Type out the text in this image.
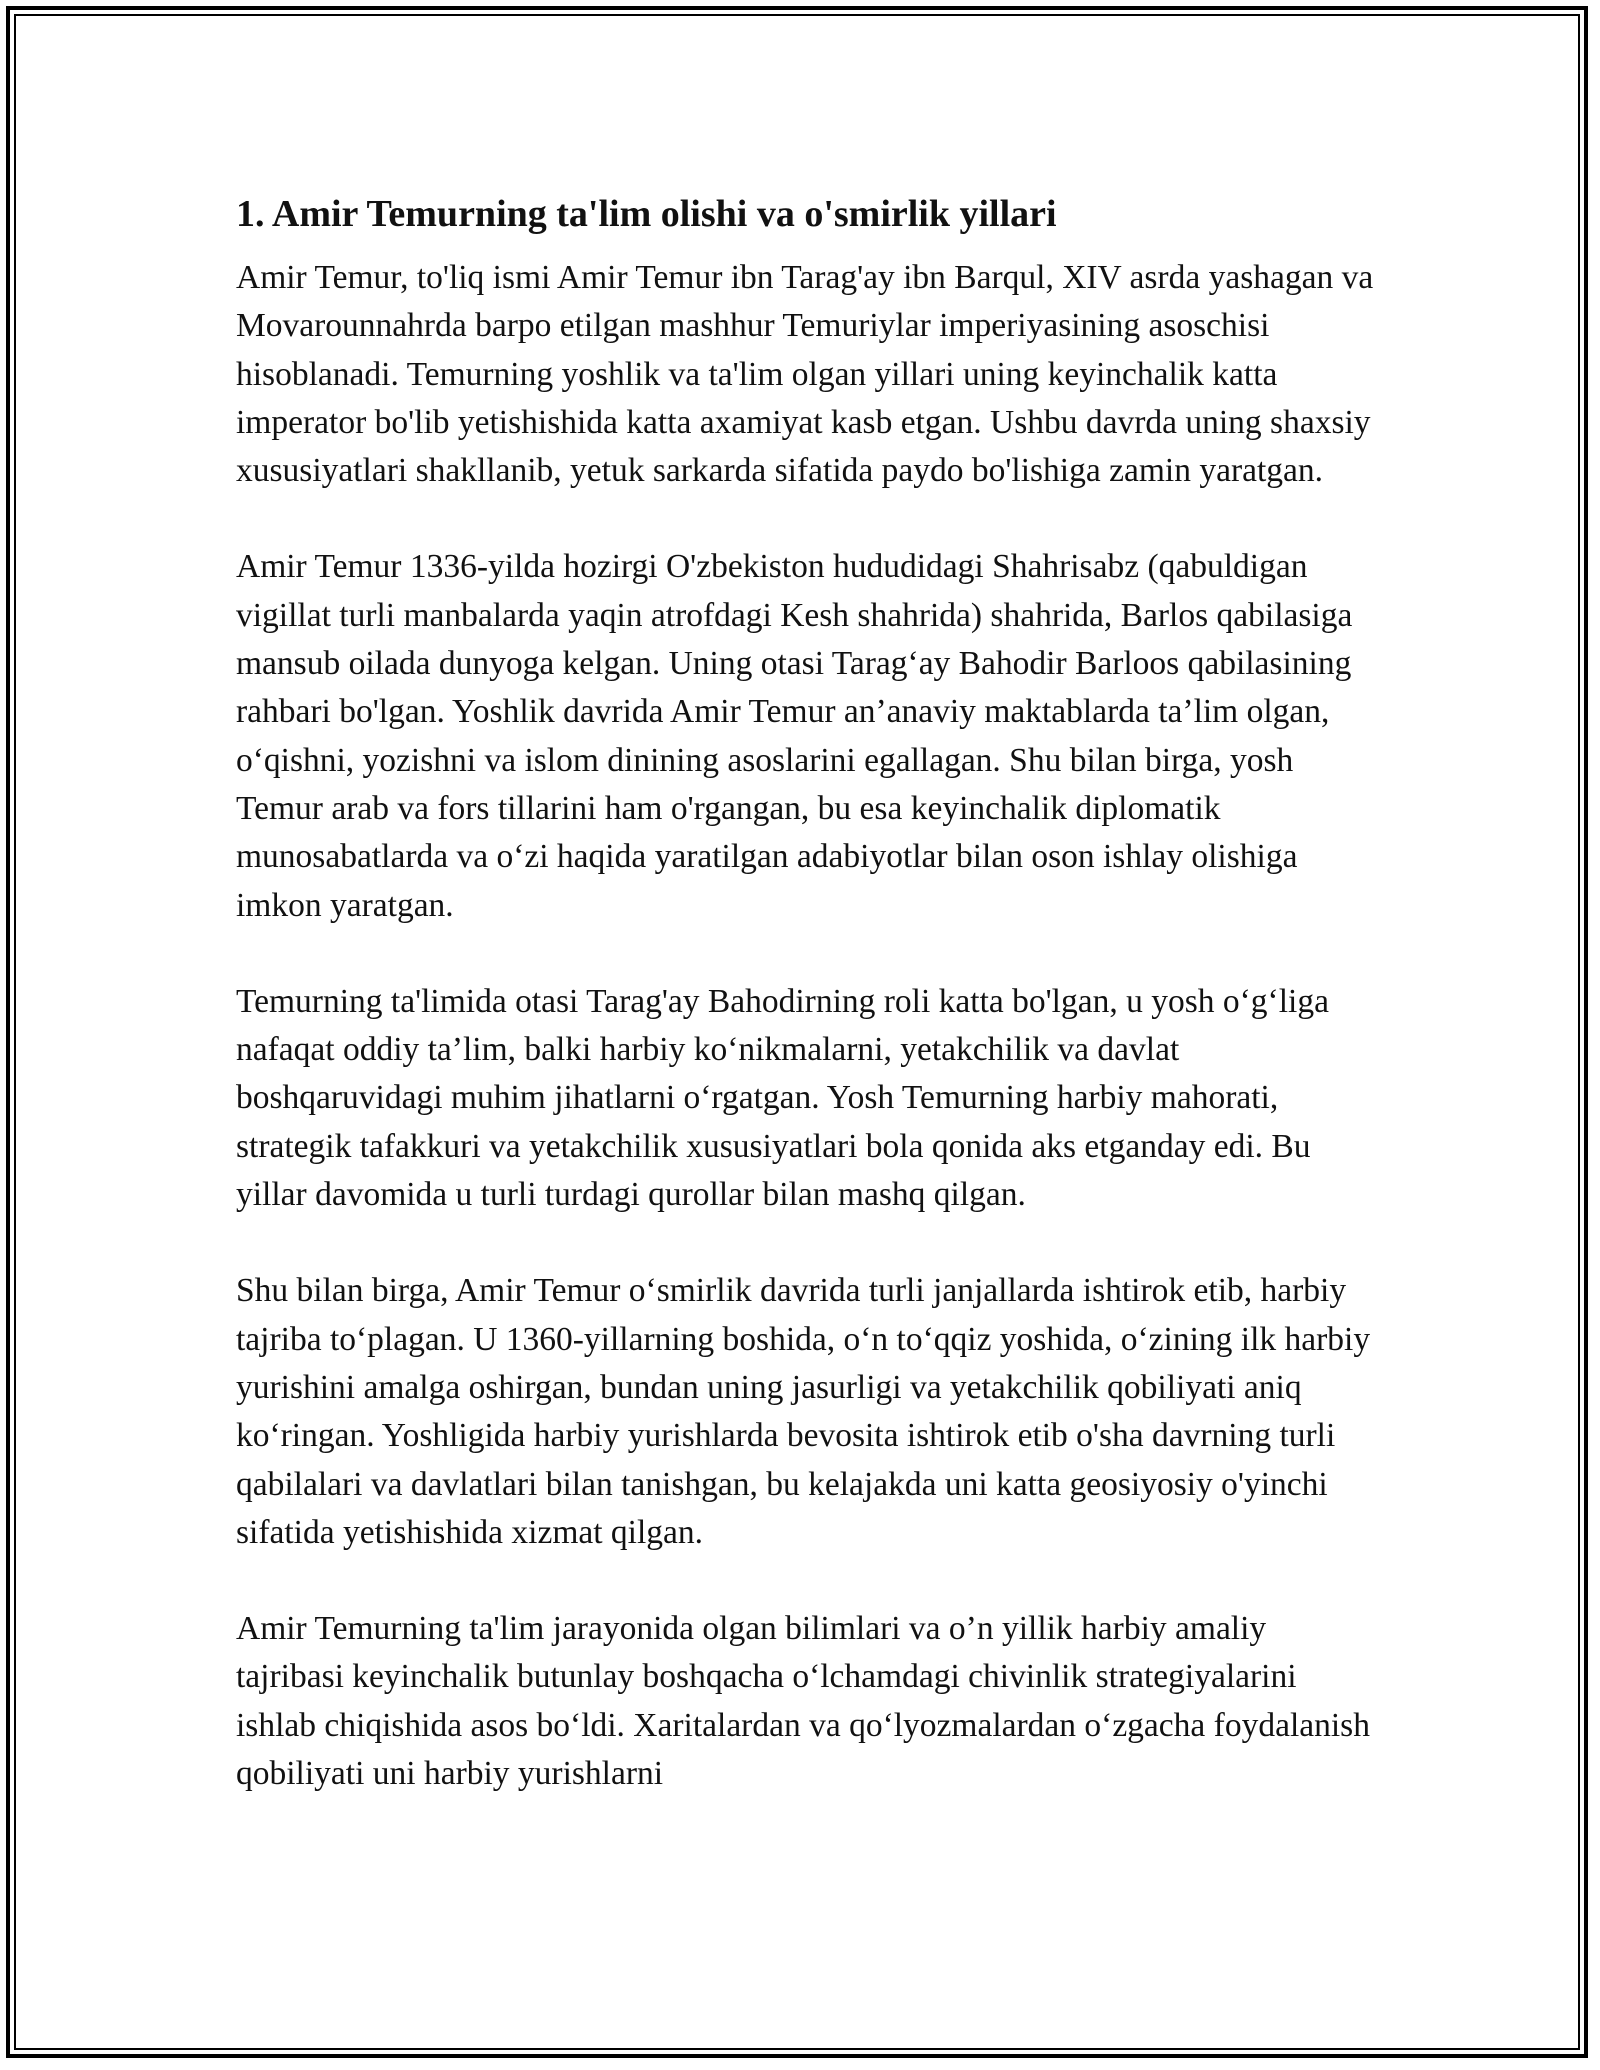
1. Amir Temurning ta'lim olishi va o'smirlik yillari

Amir Temur, to'liq ismi Amir Temur ibn Tarag'ay ibn Barqul, XIV asrda yashagan va Movarounnahrda barpo etilgan mashhur Temuriylar imperiyasining asoschisi hisoblanadi. Temurning yoshlik va ta'lim olgan yillari uning keyinchalik katta imperator bo'lib yetishishida katta axamiyat kasb etgan. Ushbu davrda uning shaxsiy xususiyatlari shakllanib, yetuk sarkarda sifatida paydo bo'lishiga zamin yaratgan.

Amir Temur 1336-yilda hozirgi O'zbekiston hududidagi Shahrisabz (qabuldigan vigillat turli manbalarda yaqin atrofdagi Kesh shahrida) shahrida, Barlos qabilasiga mansub oilada dunyoga kelgan. Uning otasi Tarag‘ay Bahodir Barloos qabilasining rahbari bo'lgan. Yoshlik davrida Amir Temur an’anaviy maktablarda ta’lim olgan, o‘qishni, yozishni va islom dinining asoslarini egallagan. Shu bilan birga, yosh Temur arab va fors tillarini ham o'rgangan, bu esa keyinchalik diplomatik munosabatlarda va o‘zi haqida yaratilgan adabiyotlar bilan oson ishlay olishiga imkon yaratgan.

Temurning ta'limida otasi Tarag'ay Bahodirning roli katta bo'lgan, u yosh o‘g‘liga nafaqat oddiy ta’lim, balki harbiy ko‘nikmalarni, yetakchilik va davlat boshqaruvidagi muhim jihatlarni o‘rgatgan. Yosh Temurning harbiy mahorati, strategik tafakkuri va yetakchilik xususiyatlari bola qonida aks etganday edi. Bu yillar davomida u turli turdagi qurollar bilan mashq qilgan.

Shu bilan birga, Amir Temur o‘smirlik davrida turli janjallarda ishtirok etib, harbiy tajriba to‘plagan. U 1360-yillarning boshida, o‘n to‘qqiz yoshida, o‘zining ilk harbiy yurishini amalga oshirgan, bundan uning jasurligi va yetakchilik qobiliyati aniq ko‘ringan. Yoshligida harbiy yurishlarda bevosita ishtirok etib o'sha davrning turli qabilalari va davlatlari bilan tanishgan, bu kelajakda uni katta geosiyosiy o'yinchi sifatida yetishishida xizmat qilgan.

Amir Temurning ta'lim jarayonida olgan bilimlari va o’n yillik harbiy amaliy tajribasi keyinchalik butunlay boshqacha o‘lchamdagi chivinlik strategiyalarini ishlab chiqishida asos bo‘ldi. Xaritalardan va qo‘lyozmalardan o‘zgacha foydalanish qobiliyati uni harbiy yurishlarni
